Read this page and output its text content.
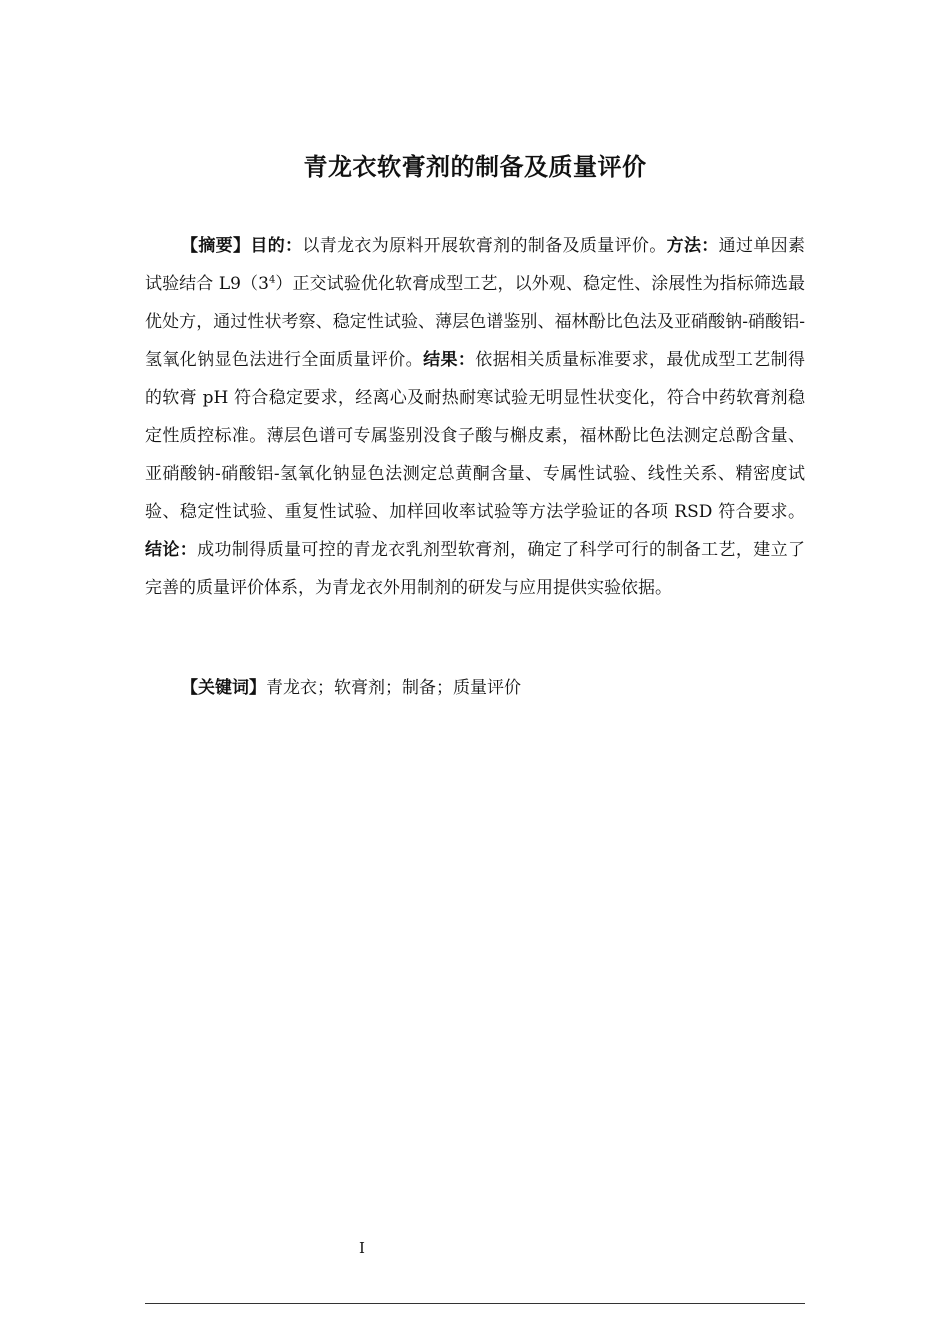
青龙衣软膏剂的制备及质量评价

【摘要】目的：以青龙衣为原料开展软膏剂的制备及质量评价。方法：通过单因素试验结合 $L9(3^4)$正交试验优化软膏成型工艺，以外观、稳定性、涂展性为指标筛选最优处方，通过性状考察、稳定性试验、薄层色谱鉴别、福林酚比色法及亚硝酸钠-硝酸铝-氢氧化钠显色法进行全面质量评价。结果：依据相关质量标准要求，最优成型工艺制得的软膏 pH 符合稳定要求，经离心及耐热耐寒试验无明显性状变化，符合中药软膏剂稳定性质控标准。薄层色谱可专属鉴别没食子酸与槲皮素，福林酚比色法测定总酚含量、亚硝酸钠-硝酸铝-氢氧化钠显色法测定总黄酮含量、专属性试验、线性关系、精密度试验、稳定性试验、重复性试验、加样回收率试验等方法学验证的各项 RSD 符合要求。结论：成功制得质量可控的青龙衣乳剂型软膏剂，确定了科学可行的制备工艺，建立了完善的质量评价体系，为青龙衣外用制剂的研发与应用提供实验依据。

【关键词】青龙衣；软膏剂；制备；质量评价

I
